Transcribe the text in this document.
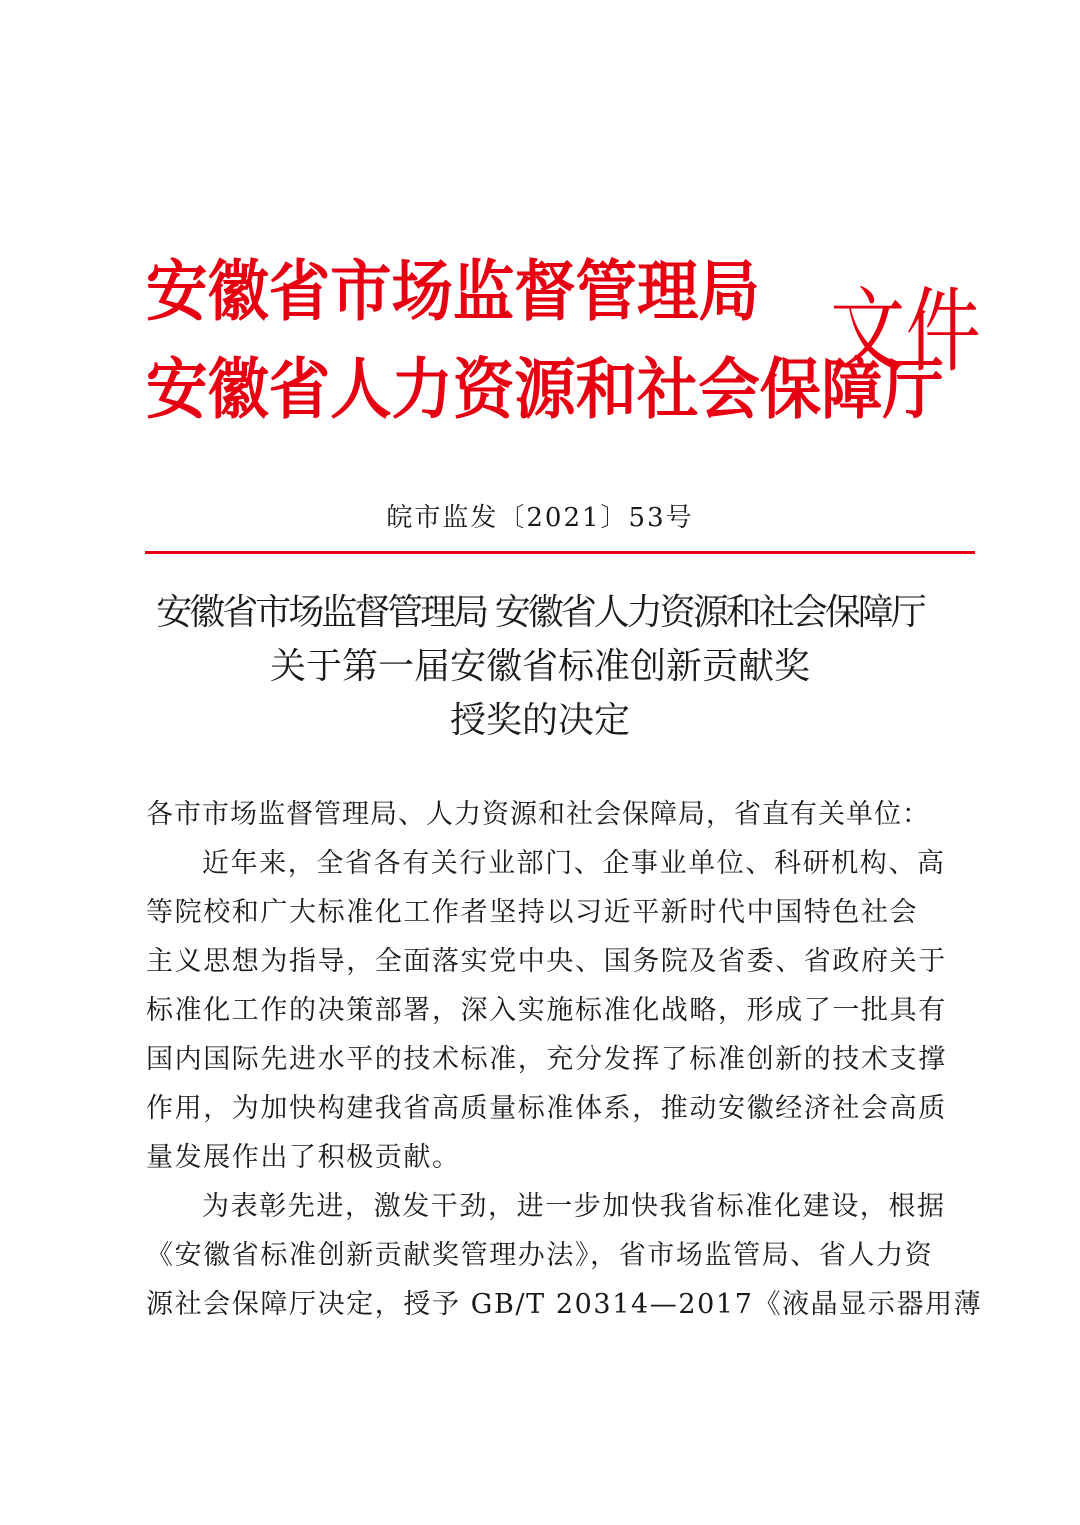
安徽省市场监督管理局
安徽省人力资源和社会保障厅
文件
皖市监发〔2021〕53号
安徽省市场监督管理局 安徽省人力资源和社会保障厅
关于第一届安徽省标准创新贡献奖
授奖的决定
各市市场监督管理局、人力资源和社会保障局，省直有关单位：
近年来，全省各有关行业部门、企事业单位、科研机构、高
等院校和广大标准化工作者坚持以习近平新时代中国特色社会
主义思想为指导，全面落实党中央、国务院及省委、省政府关于
标准化工作的决策部署，深入实施标准化战略，形成了一批具有
国内国际先进水平的技术标准，充分发挥了标准创新的技术支撑
作用，为加快构建我省高质量标准体系，推动安徽经济社会高质
量发展作出了积极贡献。
为表彰先进，激发干劲，进一步加快我省标准化建设，根据
《安徽省标准创新贡献奖管理办法》，省市场监管局、省人力资
源社会保障厅决定，授予 GB/T 20314—2017《液晶显示器用薄
